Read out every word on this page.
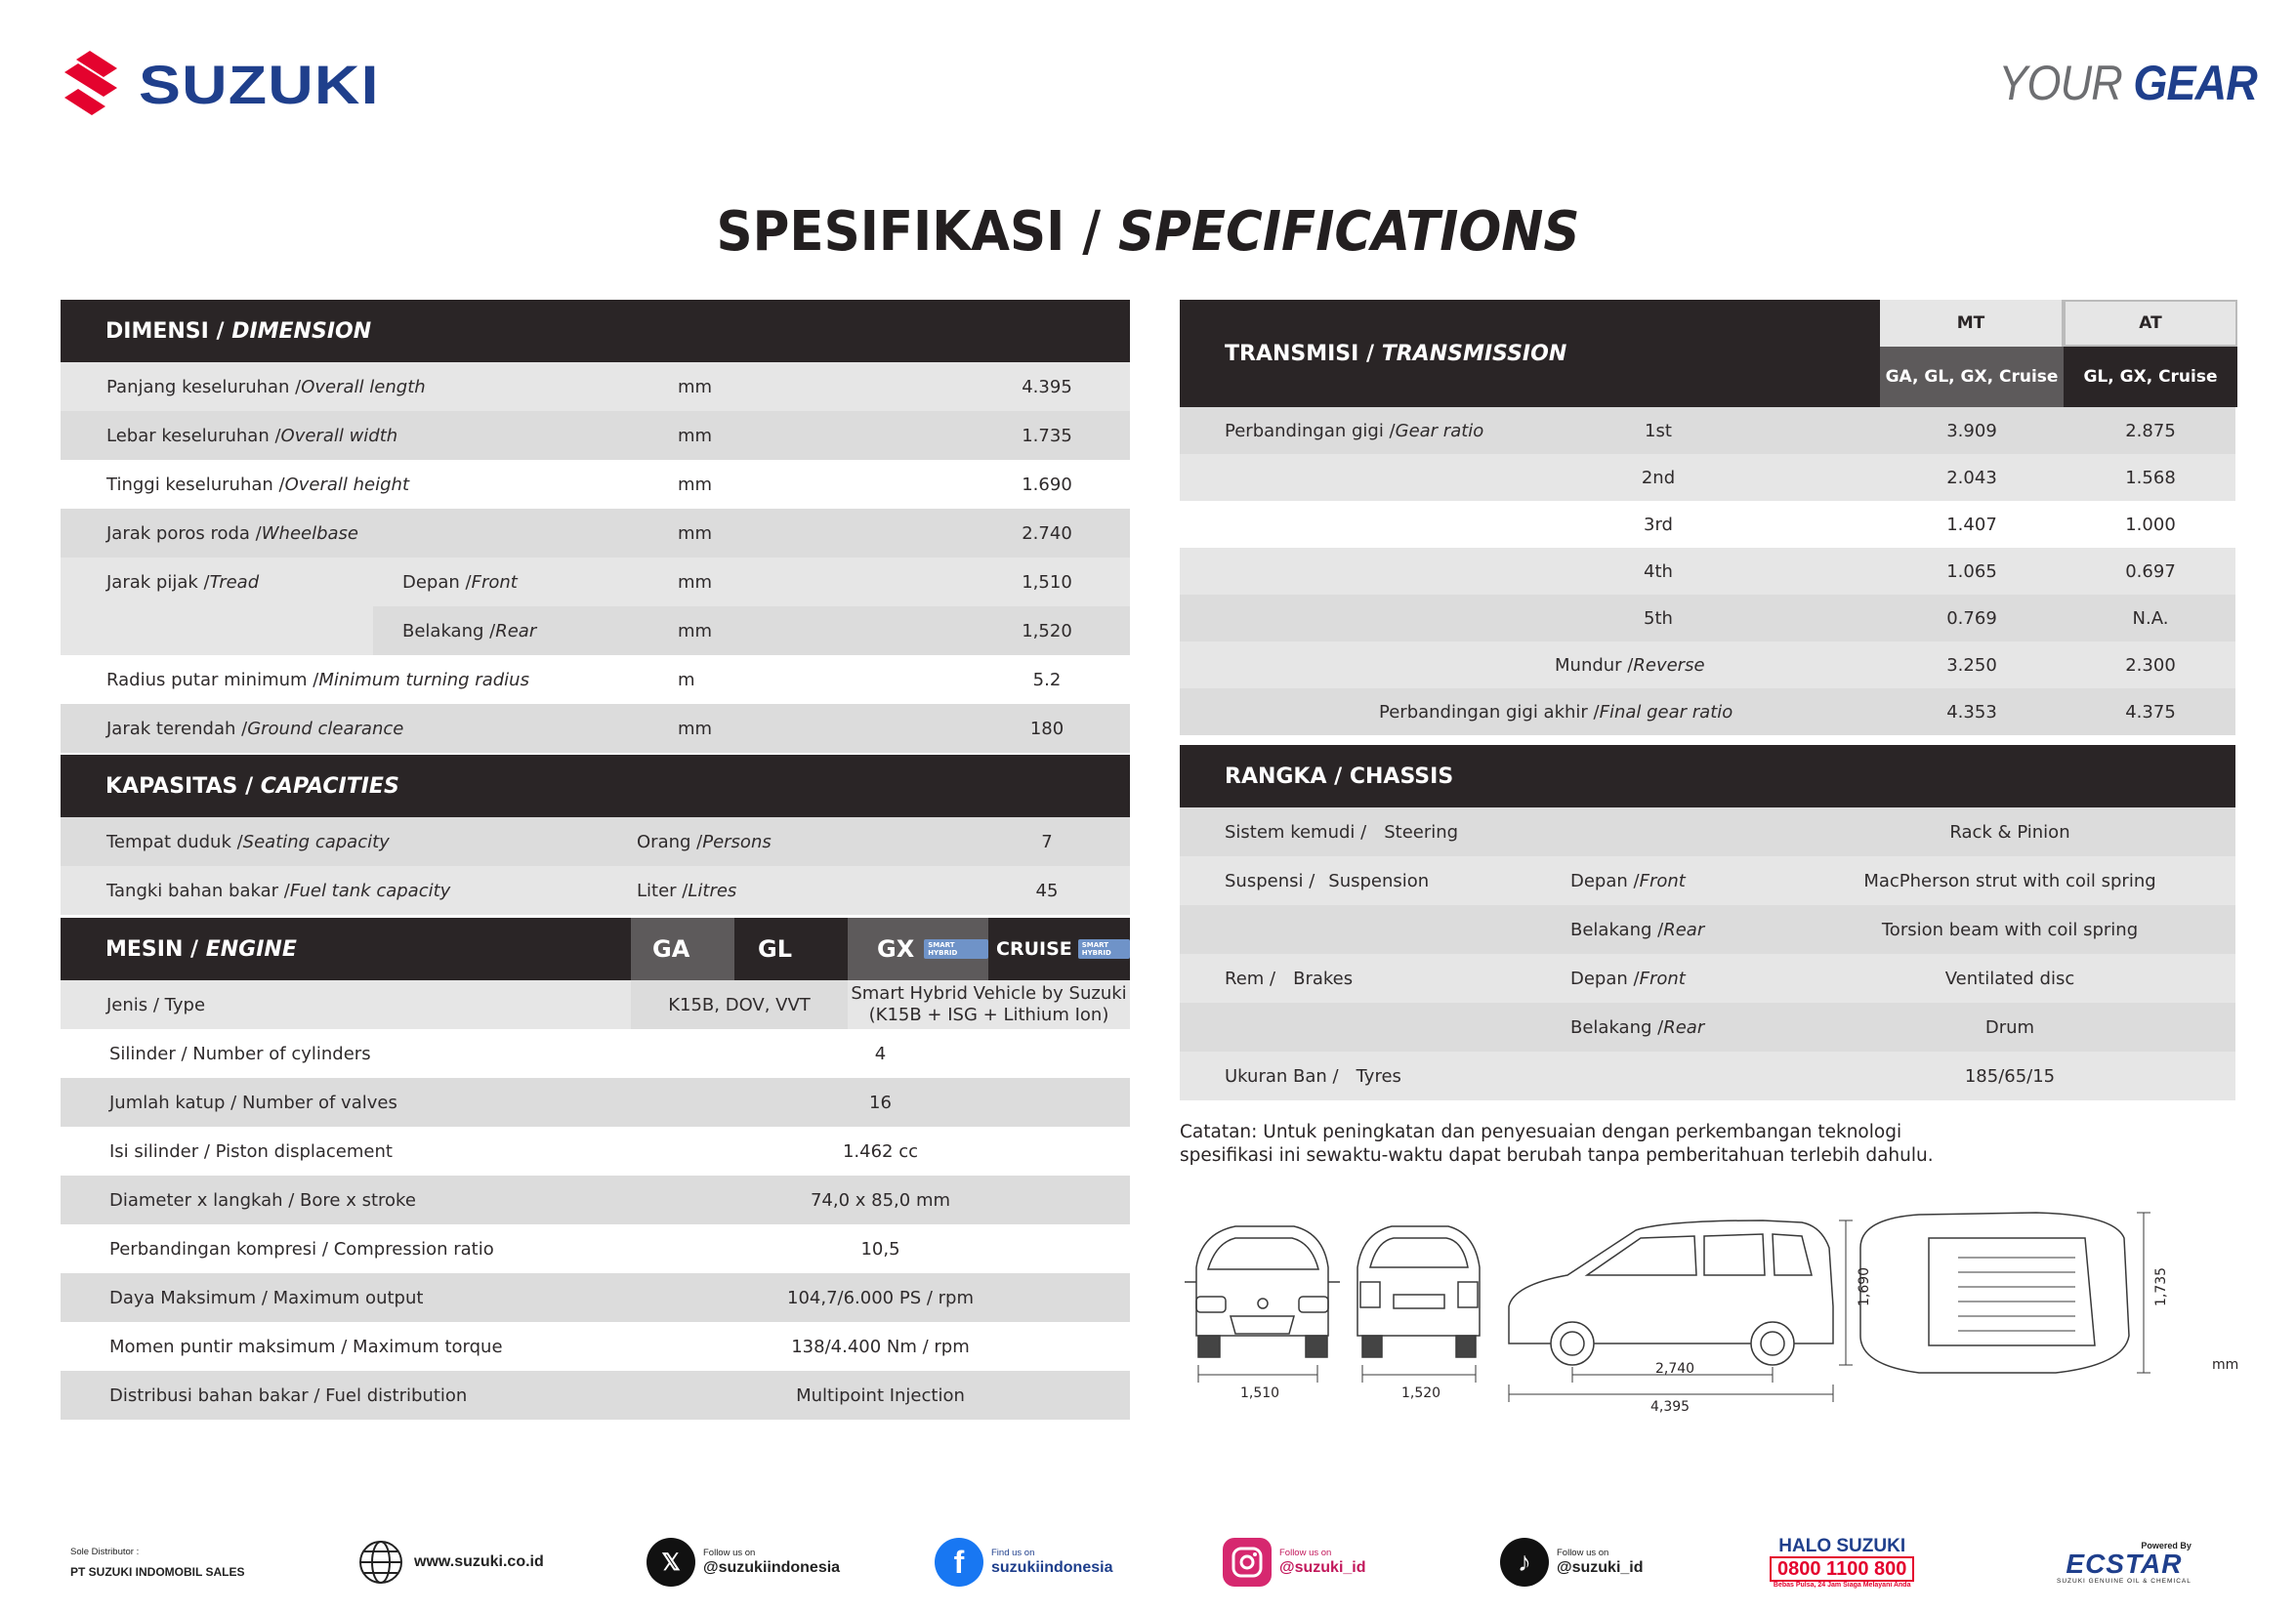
SUZUKI	YOUR GEAR
SPESIFIKASI / SPECIFICATIONS
DIMENSI /
DIMENSION
Panjang keseluruhan / Overall length	mm	4.395
Lebar keseluruhan / Overall width	mm	1.735
Tinggi keseluruhan / Overall height	mm	1.690
Jarak poros roda / Wheelbase	mm	2.740
Jarak pijak / Tread	Depan / Front	mm	1,510
Belakang / Rear	mm	1,520
Radius putar minimum / Minimum turning radius	m	5.2
Jarak terendah / Ground clearance	mm	180
KAPASITAS /
CAPACITIES
Tempat duduk / Seating capacity	Orang / Persons	7
Tangki bahan bakar / Fuel tank capacity	Liter / Litres	45
MESIN /
ENGINE	GA	GL	GX	SMART HYBRID	CRUISE	SMART HYBRID
Jenis / Type	K15B, DOV, VVT
Smart Hybrid Vehicle by Suzuki
(K15B + ISG + Lithium Ion)
Silinder / Number of cylinders	4
Jumlah katup / Number of valves	16
Isi silinder / Piston displacement	1.462 cc
Diameter x langkah / Bore x stroke	74,0 x 85,0 mm
Perbandingan kompresi / Compression ratio	10,5
Daya Maksimum / Maximum output	104,7/6.000 PS / rpm
Momen puntir maksimum / Maximum torque	138/4.400 Nm / rpm
Distribusi bahan bakar / Fuel distribution	Multipoint Injection
TRANSMISI /
TRANSMISSION
MT	AT
GA, GL, GX, Cruise	GL, GX, Cruise
Perbandingan gigi / Gear ratio	1st	3.909	2.875
2nd	2.043	1.568
3rd	1.407	1.000
4th	1.065	0.697
5th	0.769	N.A.
Mundur / Reverse	3.250	2.300
Perbandingan gigi akhir / Final gear ratio	4.353	4.375
RANGKA / CHASSIS
Sistem kemudi / Steering	Rack & Pinion
Suspensi / Suspension	Depan / Front	MacPherson strut with coil spring
Belakang / Rear	Torsion beam with coil spring
Rem / Brakes	Depan / Front	Ventilated disc
Belakang / Rear	Drum
Ukuran Ban / Tyres	185/65/15
Catatan: Untuk peningkatan dan penyesuaian dengan perkembangan teknologi
spesifikasi ini sewaktu-waktu dapat berubah tanpa pemberitahuan terlebih dahulu.
1,510	1,520
2,740
4,395
1,690	1,735
mm
Sole Distributor :
PT SUZUKI INDOMOBIL SALES
www.suzuki.co.id	𝕏	Follow us on
@suzukiindonesia	f	Find us on
suzukiindonesia
Follow us on
@suzuki_id	♪	Follow us on
@suzuki_id
HALO SUZUKI
0800 1100 800
Bebas Pulsa, 24 Jam Siaga Melayani Anda
Powered By
ECSTAR
SUZUKI GENUINE OIL & CHEMICAL
